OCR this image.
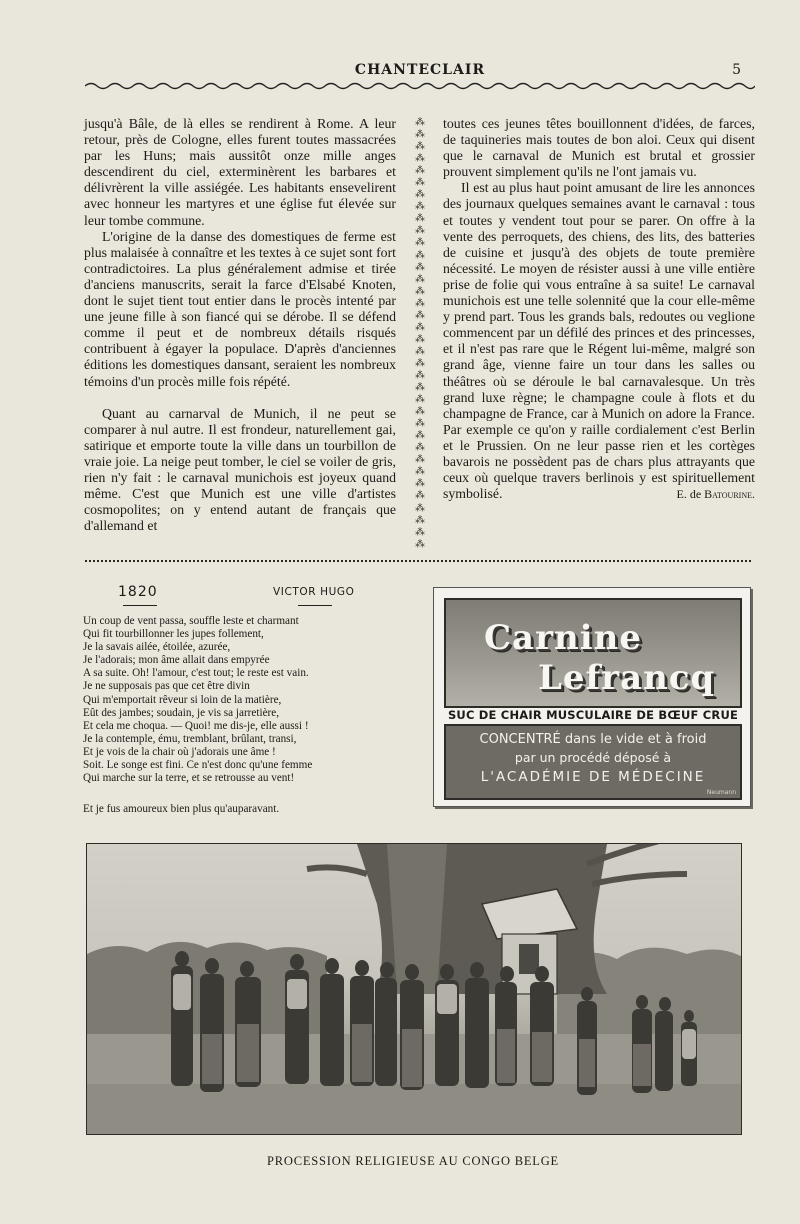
CHANTECLAIR	5

jusqu'à Bâle, de là elles se rendirent à Rome. A leur retour, près de Cologne, elles furent toutes massacrées par les Huns; mais aussitôt onze mille anges descendirent du ciel, exterminèrent les barbares et délivrèrent la ville assiégée. Les habitants ensevelirent avec honneur les martyres et une église fut élevée sur leur tombe commune.

L'origine de la danse des domestiques de ferme est plus malaisée à connaître et les textes à ce sujet sont fort contradictoires. La plus généralement admise et tirée d'anciens manuscrits, serait la farce d'Elsabé Knoten, dont le sujet tient tout entier dans le procès intenté par une jeune fille à son fiancé qui se dérobe. Il se défend comme il peut et de nombreux détails risqués contribuent à égayer la populace. D'après d'anciennes éditions les domestiques dansant, seraient les nombreux témoins d'un procès mille fois répété.

Quant au carnarval de Munich, il ne peut se comparer à nul autre. Il est frondeur, naturellement gai, satirique et emporte toute la ville dans un tourbillon de vraie joie. La neige peut tomber, le ciel se voiler de gris, rien n'y fait : le carnaval munichois est joyeux quand même. C'est que Munich est une ville d'artistes cosmopolites; on y entend autant de français que d'allemand et

⁂
⁂
⁂
⁂
⁂
⁂
⁂
⁂
⁂
⁂
⁂
⁂
⁂
⁂
⁂
⁂
⁂
⁂
⁂
⁂
⁂
⁂
⁂
⁂
⁂
⁂
⁂
⁂
⁂
⁂
⁂
⁂
⁂
⁂
⁂
⁂

toutes ces jeunes têtes bouillonnent d'idées, de farces, de taquineries mais toutes de bon aloi. Ceux qui disent que le carnaval de Munich est brutal et grossier prouvent simplement qu'ils ne l'ont jamais vu.

Il est au plus haut point amusant de lire les annonces des journaux quelques semaines avant le carnaval : tous et toutes y vendent tout pour se parer. On offre à la vente des perroquets, des chiens, des lits, des batteries de cuisine et jusqu'à des objets de toute première nécessité. Le moyen de résister aussi à une ville entière prise de folie qui vous entraîne à sa suite! Le carnaval munichois est une telle solennité que la cour elle-même y prend part. Tous les grands bals, redoutes ou veglione commencent par un défilé des princes et des princesses, et il n'est pas rare que le Régent lui-même, malgré son grand âge, vienne faire un tour dans les salles ou théâtres où se déroule le bal carnavalesque. Un très grand luxe règne; le champagne coule à flots et du champagne de France, car à Munich on adore la France. Par exemple ce qu'on y raille cordialement c'est Berlin et le Prussien. On ne leur passe rien et les cortèges bavarois ne possèdent pas de chars plus attrayants que ceux où quelque travers berlinois y est spirituellement symbolisé.	E. de Batourine.

1820	VICTOR HUGO
Un coup de vent passa, souffle leste et charmant
Qui fit tourbillonner les jupes follement,
Je la savais ailée, étoilée, azurée,
Je l'adorais; mon âme allait dans empyrée
A sa suite. Oh! l'amour, c'est tout; le reste est vain.
Je ne supposais pas que cet être divin
Qui m'emportait rêveur si loin de la matière,
Eût des jambes; soudain, je vis sa jarretière,
Et cela me choqua. — Quoi! me dis-je, elle aussi !
Je la contemple, ému, tremblant, brûlant, transi,
Et je vois de la chair où j'adorais une âme !
Soit. Le songe est fini. Ce n'est donc qu'une femme
Qui marche sur la terre, et se retrousse au vent!
Et je fus amoureux bien plus qu'auparavant.
Carnine
Lefrancq
SUC DE CHAIR MUSCULAIRE DE BŒUF CRUE
CONCENTRÉ dans le vide et à froid
par un procédé déposé à
L'ACADÉMIE DE MÉDECINE
Neumann
PROCESSION RELIGIEUSE AU CONGO BELGE
